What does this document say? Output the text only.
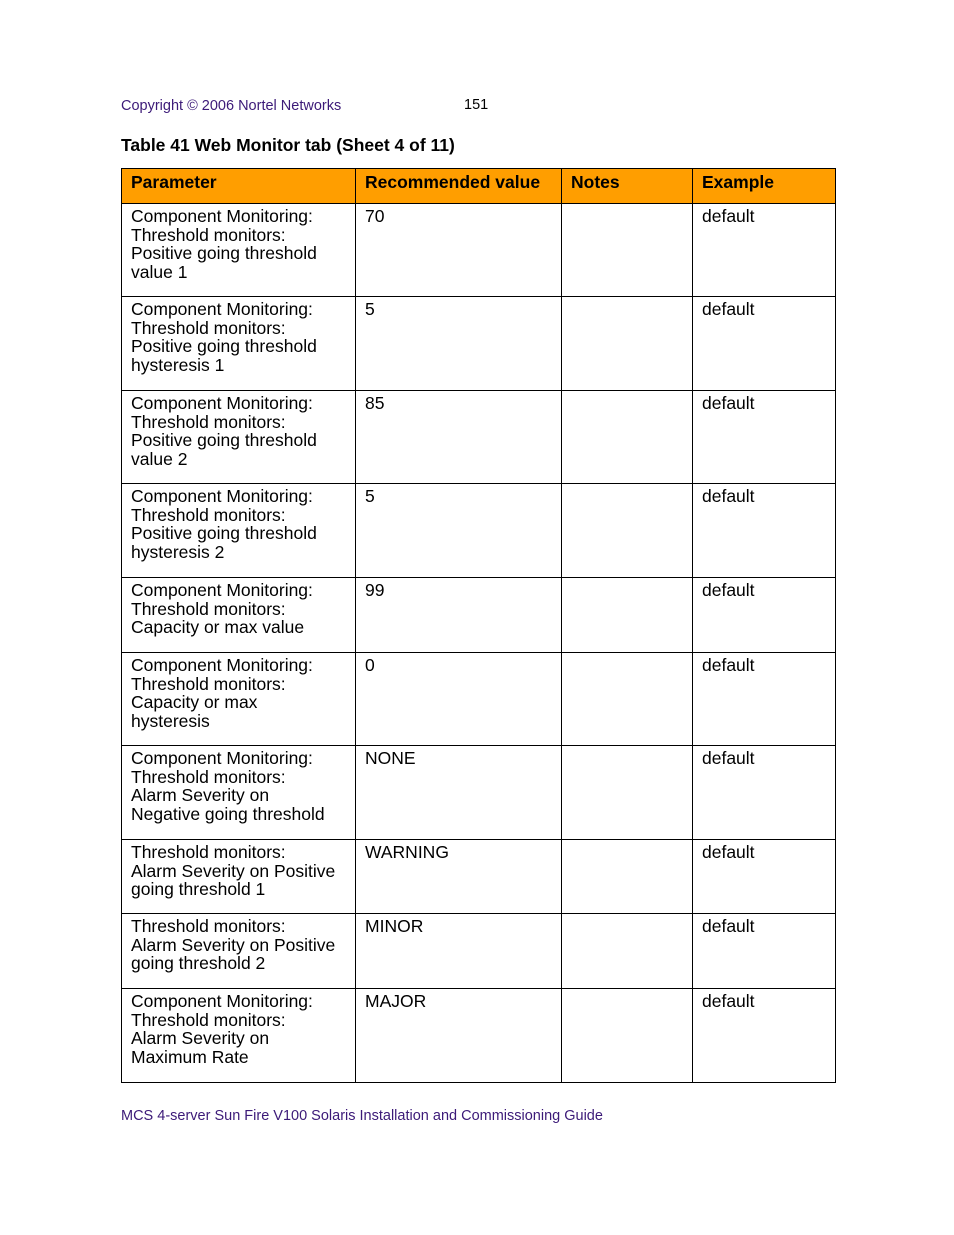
Copyright © 2006 Nortel Networks	151
Table 41 Web Monitor tab (Sheet 4 of 11)
Parameter	Recommended value	Notes	Example
Component Monitoring:
Threshold monitors:
Positive going threshold
value 1	70		default
Component Monitoring:
Threshold monitors:
Positive going threshold
hysteresis 1	5		default
Component Monitoring:
Threshold monitors:
Positive going threshold
value 2	85		default
Component Monitoring:
Threshold monitors:
Positive going threshold
hysteresis 2	5		default
Component Monitoring:
Threshold monitors:
Capacity or max value	99		default
Component Monitoring:
Threshold monitors:
Capacity or max
hysteresis	0		default
Component Monitoring:
Threshold monitors:
Alarm Severity on
Negative going threshold	NONE		default
Threshold monitors:
Alarm Severity on Positive
going threshold 1	WARNING		default
Threshold monitors:
Alarm Severity on Positive
going threshold 2	MINOR		default
Component Monitoring:
Threshold monitors:
Alarm Severity on
Maximum Rate	MAJOR		default
MCS 4-server Sun Fire V100 Solaris Installation and Commissioning Guide
